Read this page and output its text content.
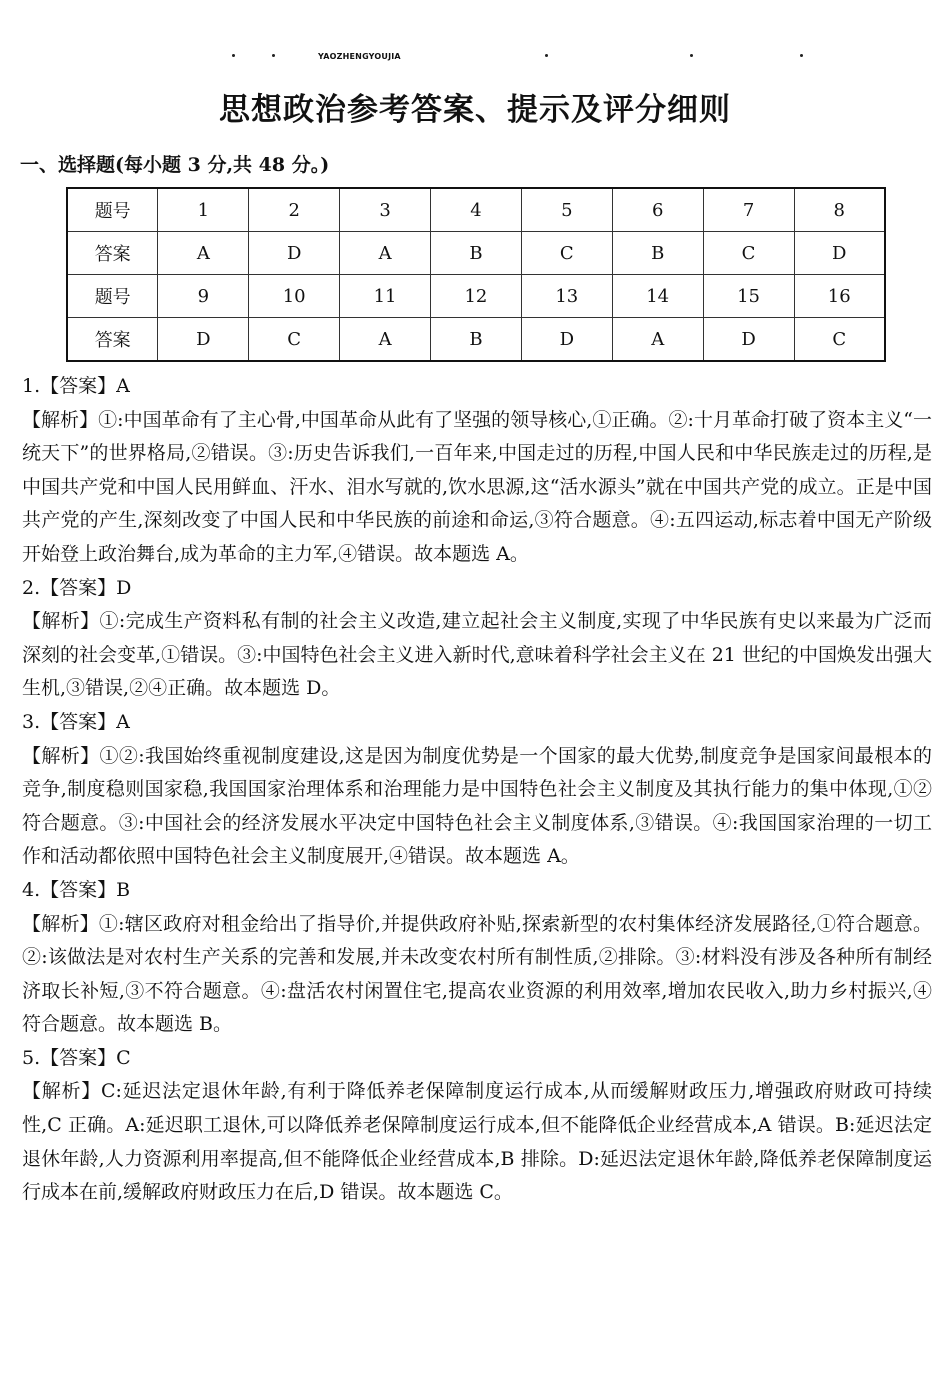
YAOZHENGYOUJIA
思想政治参考答案、提示及评分细则
一、选择题(每小题 3 分,共 48 分。)
题号	1	2	3	4	5	6	7	8
答案	A	D	A	B	C	B	C	D
题号	9	10	11	12	13	14	15	16
答案	D	C	A	B	D	A	D	C

1.【答案】A

【解析】①:中国革命有了主心骨,中国革命从此有了坚强的领导核心,①正确。②:十月革命打破了资本主义“一统天下”的世界格局,②错误。③:历史告诉我们,一百年来,中国走过的历程,中国人民和中华民族走过的历程,是中国共产党和中国人民用鲜血、汗水、泪水写就的,饮水思源,这“活水源头”就在中国共产党的成立。正是中国共产党的产生,深刻改变了中国人民和中华民族的前途和命运,③符合题意。④:五四运动,标志着中国无产阶级开始登上政治舞台,成为革命的主力军,④错误。故本题选 A。

2.【答案】D

【解析】①:完成生产资料私有制的社会主义改造,建立起社会主义制度,实现了中华民族有史以来最为广泛而深刻的社会变革,①错误。③:中国特色社会主义进入新时代,意味着科学社会主义在 21 世纪的中国焕发出强大生机,③错误,②④正确。故本题选 D。

3.【答案】A

【解析】①②:我国始终重视制度建设,这是因为制度优势是一个国家的最大优势,制度竞争是国家间最根本的竞争,制度稳则国家稳,我国国家治理体系和治理能力是中国特色社会主义制度及其执行能力的集中体现,①②符合题意。③:中国社会的经济发展水平决定中国特色社会主义制度体系,③错误。④:我国国家治理的一切工作和活动都依照中国特色社会主义制度展开,④错误。故本题选 A。

4.【答案】B

【解析】①:辖区政府对租金给出了指导价,并提供政府补贴,探索新型的农村集体经济发展路径,①符合题意。②:该做法是对农村生产关系的完善和发展,并未改变农村所有制性质,②排除。③:材料没有涉及各种所有制经济取长补短,③不符合题意。④:盘活农村闲置住宅,提高农业资源的利用效率,增加农民收入,助力乡村振兴,④符合题意。故本题选 B。

5.【答案】C

【解析】C:延迟法定退休年龄,有利于降低养老保障制度运行成本,从而缓解财政压力,增强政府财政可持续性,C 正确。A:延迟职工退休,可以降低养老保障制度运行成本,但不能降低企业经营成本,A 错误。B:延迟法定退休年龄,人力资源利用率提高,但不能降低企业经营成本,B 排除。D:延迟法定退休年龄,降低养老保障制度运行成本在前,缓解政府财政压力在后,D 错误。故本题选 C。
